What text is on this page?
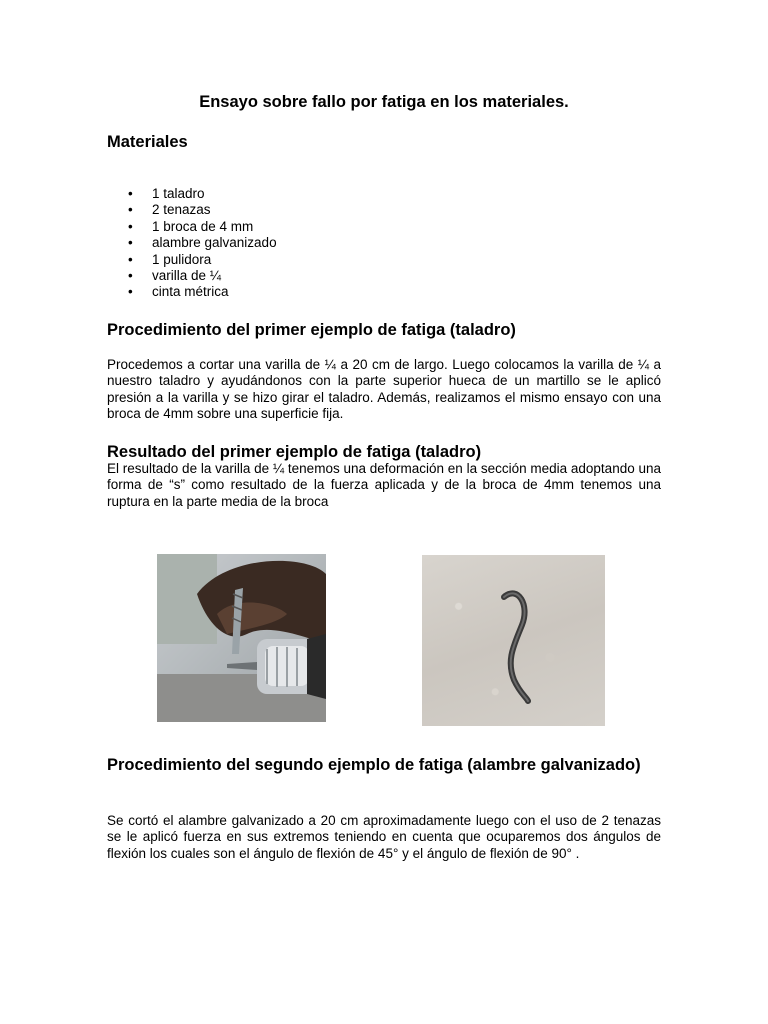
Ensayo sobre fallo por fatiga en los materiales.
Materiales
• 1 taladro
• 2 tenazas
• 1 broca de 4 mm
• alambre galvanizado
• 1 pulidora
• varilla de ¼
• cinta métrica
Procedimiento del primer ejemplo de fatiga (taladro)

Procedemos a cortar una varilla de ¼ a 20 cm de largo. Luego colocamos la varilla de ¼ a nuestro taladro y ayudándonos con la parte superior hueca de un martillo se le aplicó presión a la varilla y se hizo girar el taladro. Además, realizamos el mismo ensayo con una broca de 4mm sobre una superficie fija.

Resultado del primer ejemplo de fatiga (taladro)

El resultado de la varilla de ¼ tenemos una deformación en la sección media adoptando una forma de “s” como resultado de la fuerza aplicada y de la broca de 4mm tenemos una ruptura en la parte media de la broca

Procedimiento del segundo ejemplo de fatiga (alambre galvanizado)

Se cortó el alambre galvanizado a 20 cm aproximadamente luego con el uso de 2 tenazas se le aplicó fuerza en sus extremos teniendo en cuenta que ocuparemos dos ángulos de flexión los cuales son el ángulo de flexión de 45° y el ángulo de flexión de 90° .
